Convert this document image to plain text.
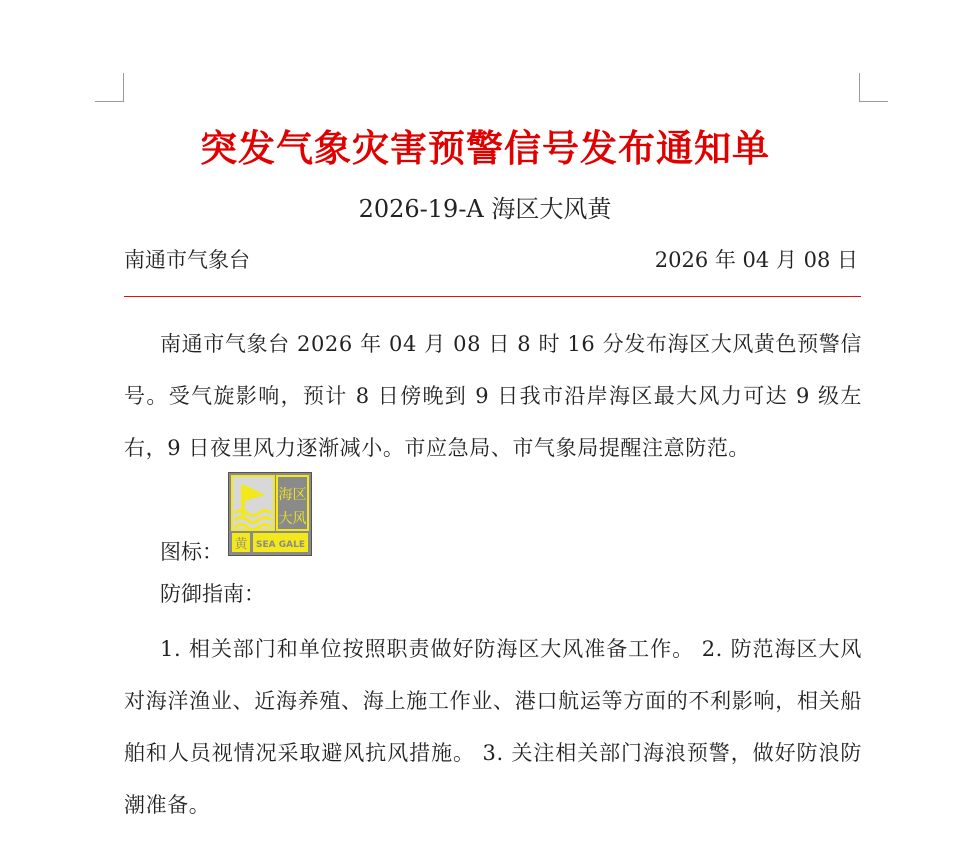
突发气象灾害预警信号发布通知单
2026-19-A 海区大风黄
南通市气象台	2026 年 04 月 08 日

南通市气象台 2026 年 04 月 08 日 8 时 16 分发布海区大风黄色预警信号。受气旋影响，预计 8 日傍晚到 9 日我市沿岸海区最大风力可达 9 级左右，9 日夜里风力逐渐减小。市应急局、市气象局提醒注意防范。

图标：
海区
大风
黄 SEA GALE
防御指南：

1. 相关部门和单位按照职责做好防海区大风准备工作。 2. 防范海区大风对海洋渔业、近海养殖、海上施工作业、港口航运等方面的不利影响，相关船舶和人员视情况采取避风抗风措施。 3. 关注相关部门海浪预警，做好防浪防潮准备。
